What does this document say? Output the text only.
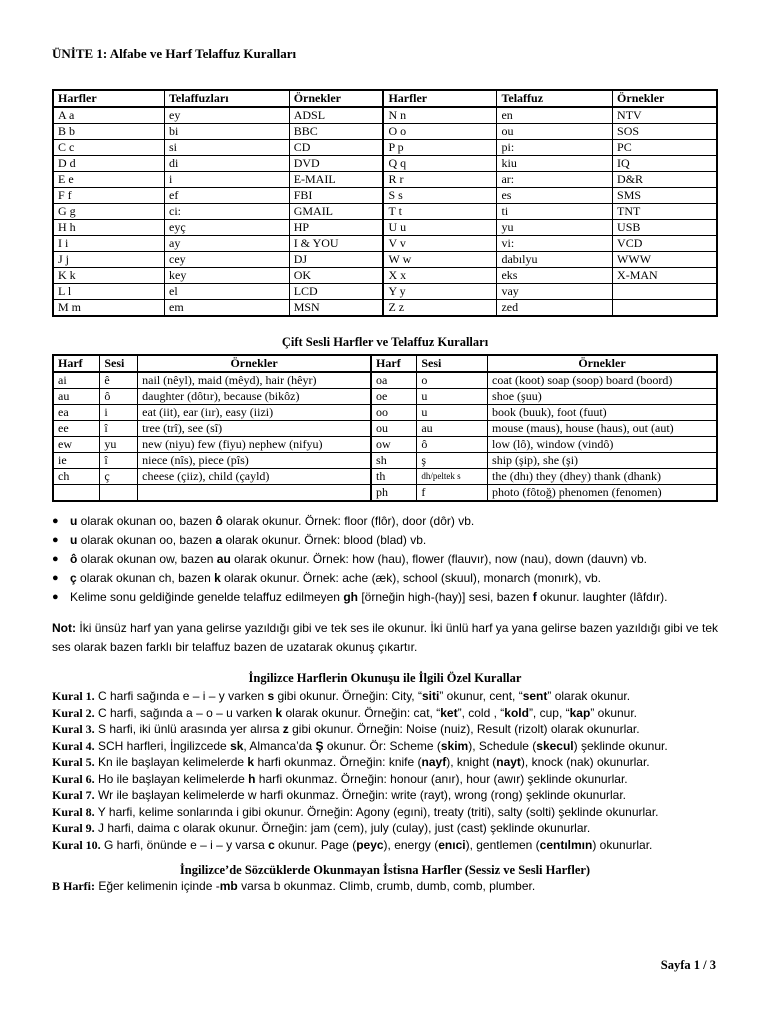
ÜNİTE 1: Alfabe ve Harf Telaffuz Kuralları
Harfler	Telaffuzları	Örnekler	Harfler	Telaffuz	Örnekler
A a	ey	ADSL	N n	en	NTV
B b	bi	BBC	O o	ou	SOS
C c	si	CD	P p	pi:	PC
D d	di	DVD	Q q	kiu	IQ
E e	i	E-MAIL	R r	ar:	D&R
F f	ef	FBI	S s	es	SMS
G g	ci:	GMAIL	T t	ti	TNT
H h	eyç	HP	U u	yu	USB
I i	ay	I & YOU	V v	vi:	VCD
J j	cey	DJ	W w	dabılyu	WWW
K k	key	OK	X x	eks	X-MAN
L l	el	LCD	Y y	vay	
M m	em	MSN	Z z	zed	
Çift Sesli Harfler ve Telaffuz Kuralları
Harf	Sesi	Örnekler	Harf	Sesi	Örnekler
ai	ê	nail (nêyl), maid (mêyd), hair (hêyr)	oa	o	coat (koot) soap (soop) board (boord)
au	ô	daughter (dôtır), because (bikôz)	oe	u	shoe (şuu)
ea	i	eat (iit), ear (iır), easy (iizi)	oo	u	book (buuk), foot (fuut)
ee	î	tree (trî), see (sî)	ou	au	mouse (maus), house (haus), out (aut)
ew	yu	new (niyu) few (fiyu) nephew (nifyu)	ow	ô	low (lô), window (vindô)
ie	î	niece (nîs), piece (pîs)	sh	ş	ship (şip), she (şi)
ch	ç	cheese (çiiz), child (çayld)	th	dh/peltek s	the (dhı) they (dhey) thank (dhank)
			ph	f	photo (fôtoğ) phenomen (fenomen)
● u olarak okunan oo, bazen ô olarak okunur. Örnek: floor (flôr), door (dôr) vb.
● u olarak okunan oo, bazen a olarak okunur. Örnek: blood (blad) vb.
● ô olarak okunan ow, bazen au olarak okunur. Örnek: how (hau), flower (flauvır), now (nau), down (dauvn) vb.
● ç olarak okunan ch, bazen k olarak okunur. Örnek: ache (æk), school (skuul), monarch (monırk), vb.
● Kelime sonu geldiğinde genelde telaffuz edilmeyen gh [örneğin high-(hay)] sesi, bazen f okunur. laughter (lâfdır).
Not: İki ünsüz harf yan yana gelirse yazıldığı gibi ve tek ses ile okunur. İki ünlü harf ya yana gelirse bazen yazıldığı gibi ve tek ses olarak bazen farklı bir telaffuz bazen de uzatarak okunuş çıkartır.
İngilizce Harflerin Okunuşu ile İlgili Özel Kurallar
Kural 1. C harfi sağında e – i – y varken s gibi okunur. Örneğin: City, “siti” okunur, cent, “sent” olarak okunur.
Kural 2. C harfi, sağında a – o – u varken k olarak okunur. Örneğin: cat, “ket”, cold , “kold”, cup, “kap” okunur.
Kural 3. S harfi, iki ünlü arasında yer alırsa z gibi okunur. Örneğin: Noise (nuiz), Result (rizolt) olarak okunurlar.
Kural 4. SCH harfleri, İngilizcede sk, Almanca’da Ş okunur. Ör: Scheme (skim), Schedule (skecul) şeklinde okunur.
Kural 5. Kn ile başlayan kelimelerde k harfi okunmaz. Örneğin: knife (nayf), knight (nayt), knock (nak) okunurlar.
Kural 6. Ho ile başlayan kelimelerde h harfi okunmaz. Örneğin: honour (anır), hour (awır) şeklinde okunurlar.
Kural 7. Wr ile başlayan kelimelerde w harfi okunmaz. Örneğin: write (rayt), wrong (rong) şeklinde okunurlar.
Kural 8. Y harfi, kelime sonlarında i gibi okunur. Örneğin: Agony (egıni), treaty (triti), salty (solti) şeklinde okunurlar.
Kural 9. J harfi, daima c olarak okunur. Örneğin: jam (cem), july (culay), just (cast) şeklinde okunurlar.
Kural 10. G harfi, önünde e – i – y varsa c okunur. Page (peyc), energy (enıci), gentlemen (centılmın) okunurlar.
İngilizce’de Sözcüklerde Okunmayan İstisna Harfler (Sessiz ve Sesli Harfler)
B Harfi: Eğer kelimenin içinde -mb varsa b okunmaz. Climb, crumb, dumb, comb, plumber.
Sayfa 1 / 3
